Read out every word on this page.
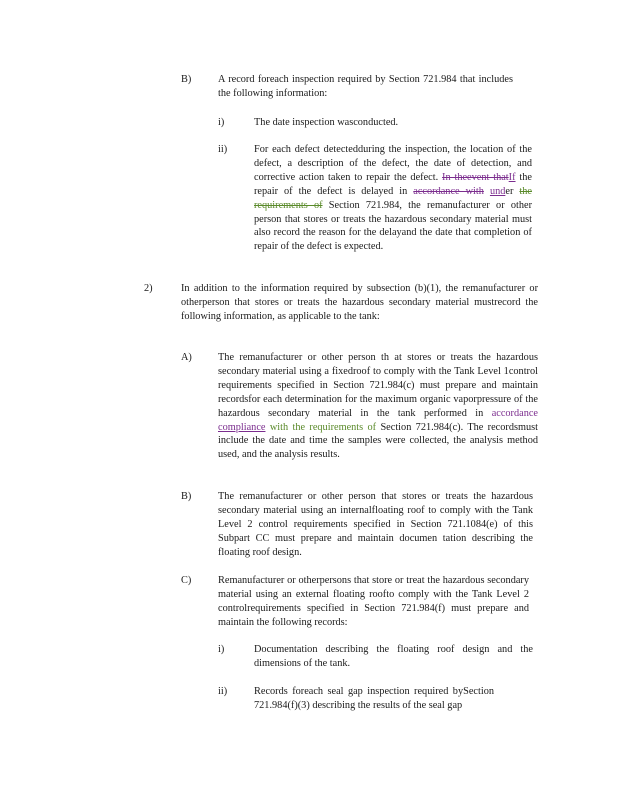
B)	A record foreach inspection required by Section 721.984 that includes the following information:
i)	The date inspection wasconducted.
ii)	For each defect detectedduring the inspection, the location of the defect, a description of the defect, the date of detection, and corrective action taken to repair the defect. In theevent thatIf the repair of the defect is delayed in accordance with under the requirements of Section 721.984, the remanufacturer or other person that stores or treats the hazardous secondary material must also record the reason for the delayand the date that completion of repair of the defect is expected.
2)	In addition to the information required by subsection (b)(1), the remanufacturer or otherperson that stores or treats the hazardous secondary material mustrecord the following information, as applicable to the tank:
A)	The remanufacturer or other person th at stores or treats the hazardous secondary material using a fixedroof to comply with the Tank Level 1control requirements specified in Section 721.984(c) must prepare and maintain recordsfor each determination for the maximum organic vaporpressure of the hazardous secondary material in the tank performed in accordance compliance with the requirements of Section 721.984(c). The recordsmust include the date and time the samples were collected, the analysis method used, and the analysis results.
B)	The remanufacturer or other person that stores or treats the hazardous secondary material using an internalfloating roof to comply with the Tank Level 2 control requirements specified in Section 721.1084(e) of this Subpart CC must prepare and maintain documen tation describing the floating roof design.
C)	Remanufacturer or otherpersons that store or treat the hazardous secondary material using an external floating roofto comply with the Tank Level 2 controlrequirements specified in Section 721.984(f) must prepare and maintain the following records:
i)	Documentation describing the floating roof design and the dimensions of the tank.
ii)	Records foreach seal gap inspection required bySection 721.984(f)(3) describing the results of the seal gap
